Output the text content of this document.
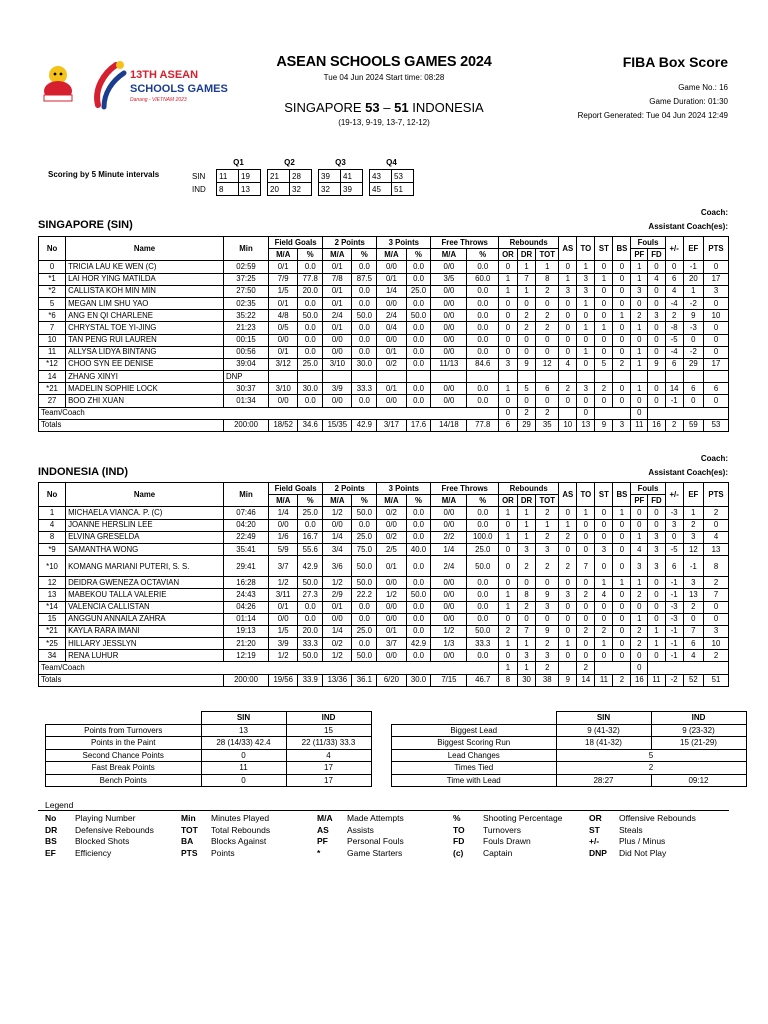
13TH ASEAN
SCHOOLS GAMES
Danang - VIETNAM 2023
ASEAN SCHOOLS GAMES 2024
Tue 04 Jun 2024 Start time: 08:28
SINGAPORE 53 – 51 INDONESIA
(19-13, 9-19, 13-7, 12-12)
FIBA Box Score
Game No.: 16
Game Duration: 01:30
Report Generated: Tue 04 Jun 2024 12:49
Scoring by 5 Minute intervals
	Q1			Q2			Q3			Q4	
SIN	11	19		21	28		39	41		43	53
IND	8	13		20	32		32	39		45	51
Coach:
SINGAPORE (SIN)	Assistant Coach(es):
No	Name	Min	Field Goals		2 Points		3 Points		Free Throws		Rebounds			AS	TO	ST	BS	Fouls		+/-	EF	PTS
			M/A	%	M/A	%	M/A	%	M/A	%	OR	DR	TOT					PF	FD			
0	TRICIA LAU KE WEN (C)	02:59	0/1	0.0	0/1	0.0	0/0	0.0	0/0	0.0	0	1	1	0	1	0	0	1	0	0	-1	0
*1	LAI HOR YING MATILDA	37:25	7/9	77.8	7/8	87.5	0/1	0.0	3/5	60.0	1	7	8	1	3	1	0	1	4	6	20	17
*2	CALLISTA KOH MIN MIN	27:50	1/5	20.0	0/1	0.0	1/4	25.0	0/0	0.0	1	1	2	3	3	0	0	3	0	4	1	3
5	MEGAN LIM SHU YAO	02:35	0/1	0.0	0/1	0.0	0/0	0.0	0/0	0.0	0	0	0	0	1	0	0	0	0	-4	-2	0
*6	ANG EN QI CHARLENE	35:22	4/8	50.0	2/4	50.0	2/4	50.0	0/0	0.0	0	2	2	0	0	0	1	2	3	2	9	10
7	CHRYSTAL TOE YI-JING	21:23	0/5	0.0	0/1	0.0	0/4	0.0	0/0	0.0	0	2	2	0	1	1	0	1	0	-8	-3	0
10	TAN PENG RUI LAUREN	00:15	0/0	0.0	0/0	0.0	0/0	0.0	0/0	0.0	0	0	0	0	0	0	0	0	0	-5	0	0
11	ALLYSA LIDYA BINTANG	00:56	0/1	0.0	0/0	0.0	0/1	0.0	0/0	0.0	0	0	0	0	1	0	0	1	0	-4	-2	0
*12	CHOO SYN EE DENISE	39:04	3/12	25.0	3/10	30.0	0/2	0.0	11/13	84.6	3	9	12	4	0	5	2	1	9	6	29	17
14	ZHANG XINYI	DNP																				
*21	MADELIN SOPHIE LOCK	30:37	3/10	30.0	3/9	33.3	0/1	0.0	0/0	0.0	1	5	6	2	3	2	0	1	0	14	6	6
27	BOO ZHI XUAN	01:34	0/0	0.0	0/0	0.0	0/0	0.0	0/0	0.0	0	0	0	0	0	0	0	0	0	-1	0	0
Team/Coach											0	2	2		0			0				
Totals		200:00	18/52	34.6	15/35	42.9	3/17	17.6	14/18	77.8	6	29	35	10	13	9	3	11	16	2	59	53
Coach:
INDONESIA (IND)	Assistant Coach(es):
No	Name	Min	Field Goals		2 Points		3 Points		Free Throws		Rebounds			AS	TO	ST	BS	Fouls		+/-	EF	PTS
			M/A	%	M/A	%	M/A	%	M/A	%	OR	DR	TOT					PF	FD			
1	MICHAELA VIANCA. P. (C)	07:46	1/4	25.0	1/2	50.0	0/2	0.0	0/0	0.0	1	1	2	0	1	0	1	0	0	-3	1	2
4	JOANNE HERSLIN LEE	04:20	0/0	0.0	0/0	0.0	0/0	0.0	0/0	0.0	0	1	1	1	0	0	0	0	0	3	2	0
8	ELVINA GRESELDA	22:49	1/6	16.7	1/4	25.0	0/2	0.0	2/2	100.0	1	1	2	2	0	0	0	1	3	0	3	4
*9	SAMANTHA WONG	35:41	5/9	55.6	3/4	75.0	2/5	40.0	1/4	25.0	0	3	3	0	0	3	0	4	3	-5	12	13
*10	KOMANG MARIANI PUTERI, S. S.	29:41	3/7	42.9	3/6	50.0	0/1	0.0	2/4	50.0	0	2	2	2	7	0	0	3	3	6	-1	8
12	DEIDRA GWENEZA OCTAVIAN	16:28	1/2	50.0	1/2	50.0	0/0	0.0	0/0	0.0	0	0	0	0	0	1	1	1	0	-1	3	2
13	MABEKOU TALLA VALERIE	24:43	3/11	27.3	2/9	22.2	1/2	50.0	0/0	0.0	1	8	9	3	2	4	0	2	0	-1	13	7
*14	VALENCIA CALLISTAN	04:26	0/1	0.0	0/1	0.0	0/0	0.0	0/0	0.0	1	2	3	0	0	0	0	0	0	-3	2	0
15	ANGGUN ANNAILA ZAHRA	01:14	0/0	0.0	0/0	0.0	0/0	0.0	0/0	0.0	0	0	0	0	0	0	0	1	0	-3	0	0
*21	KAYLA RARA IMANI	19:13	1/5	20.0	1/4	25.0	0/1	0.0	1/2	50.0	2	7	9	0	2	2	0	2	1	-1	7	3
*25	HILLARY JESSLYN	21:20	3/9	33.3	0/2	0.0	3/7	42.9	1/3	33.3	1	1	2	1	0	1	0	2	1	-1	6	10
34	RENA LUHUR	12:19	1/2	50.0	1/2	50.0	0/0	0.0	0/0	0.0	0	3	3	0	0	0	0	0	0	-1	4	2
Team/Coach											1	1	2		2			0				
Totals		200:00	19/56	33.9	13/36	36.1	6/20	30.0	7/15	46.7	8	30	38	9	14	11	2	16	11	-2	52	51
	SIN	IND
Points from Turnovers	13	15
Points in the Paint	28 (14/33) 42.4	22 (11/33) 33.3
Second Chance Points	0	4
Fast Break Points	11	17
Bench Points	0	17
	SIN	IND
Biggest Lead	9 (41-32)	9 (23-32)
Biggest Scoring Run	18 (41-32)	15 (21-29)
Lead Changes	5	
Times Tied	2	
Time with Lead	28:27	09:12
Legend
No	Playing Number	Min	Minutes Played	M/A	Made Attempts	%	Shooting Percentage	OR	Offensive Rebounds
DR	Defensive Rebounds	TOT	Total Rebounds	AS	Assists	TO	Turnovers	ST	Steals
BS	Blocked Shots	BA	Blocks Against	PF	Personal Fouls	FD	Fouls Drawn	+/-	Plus / Minus
EF	Efficiency	PTS	Points	*	Game Starters	(c)	Captain	DNP	Did Not Play
